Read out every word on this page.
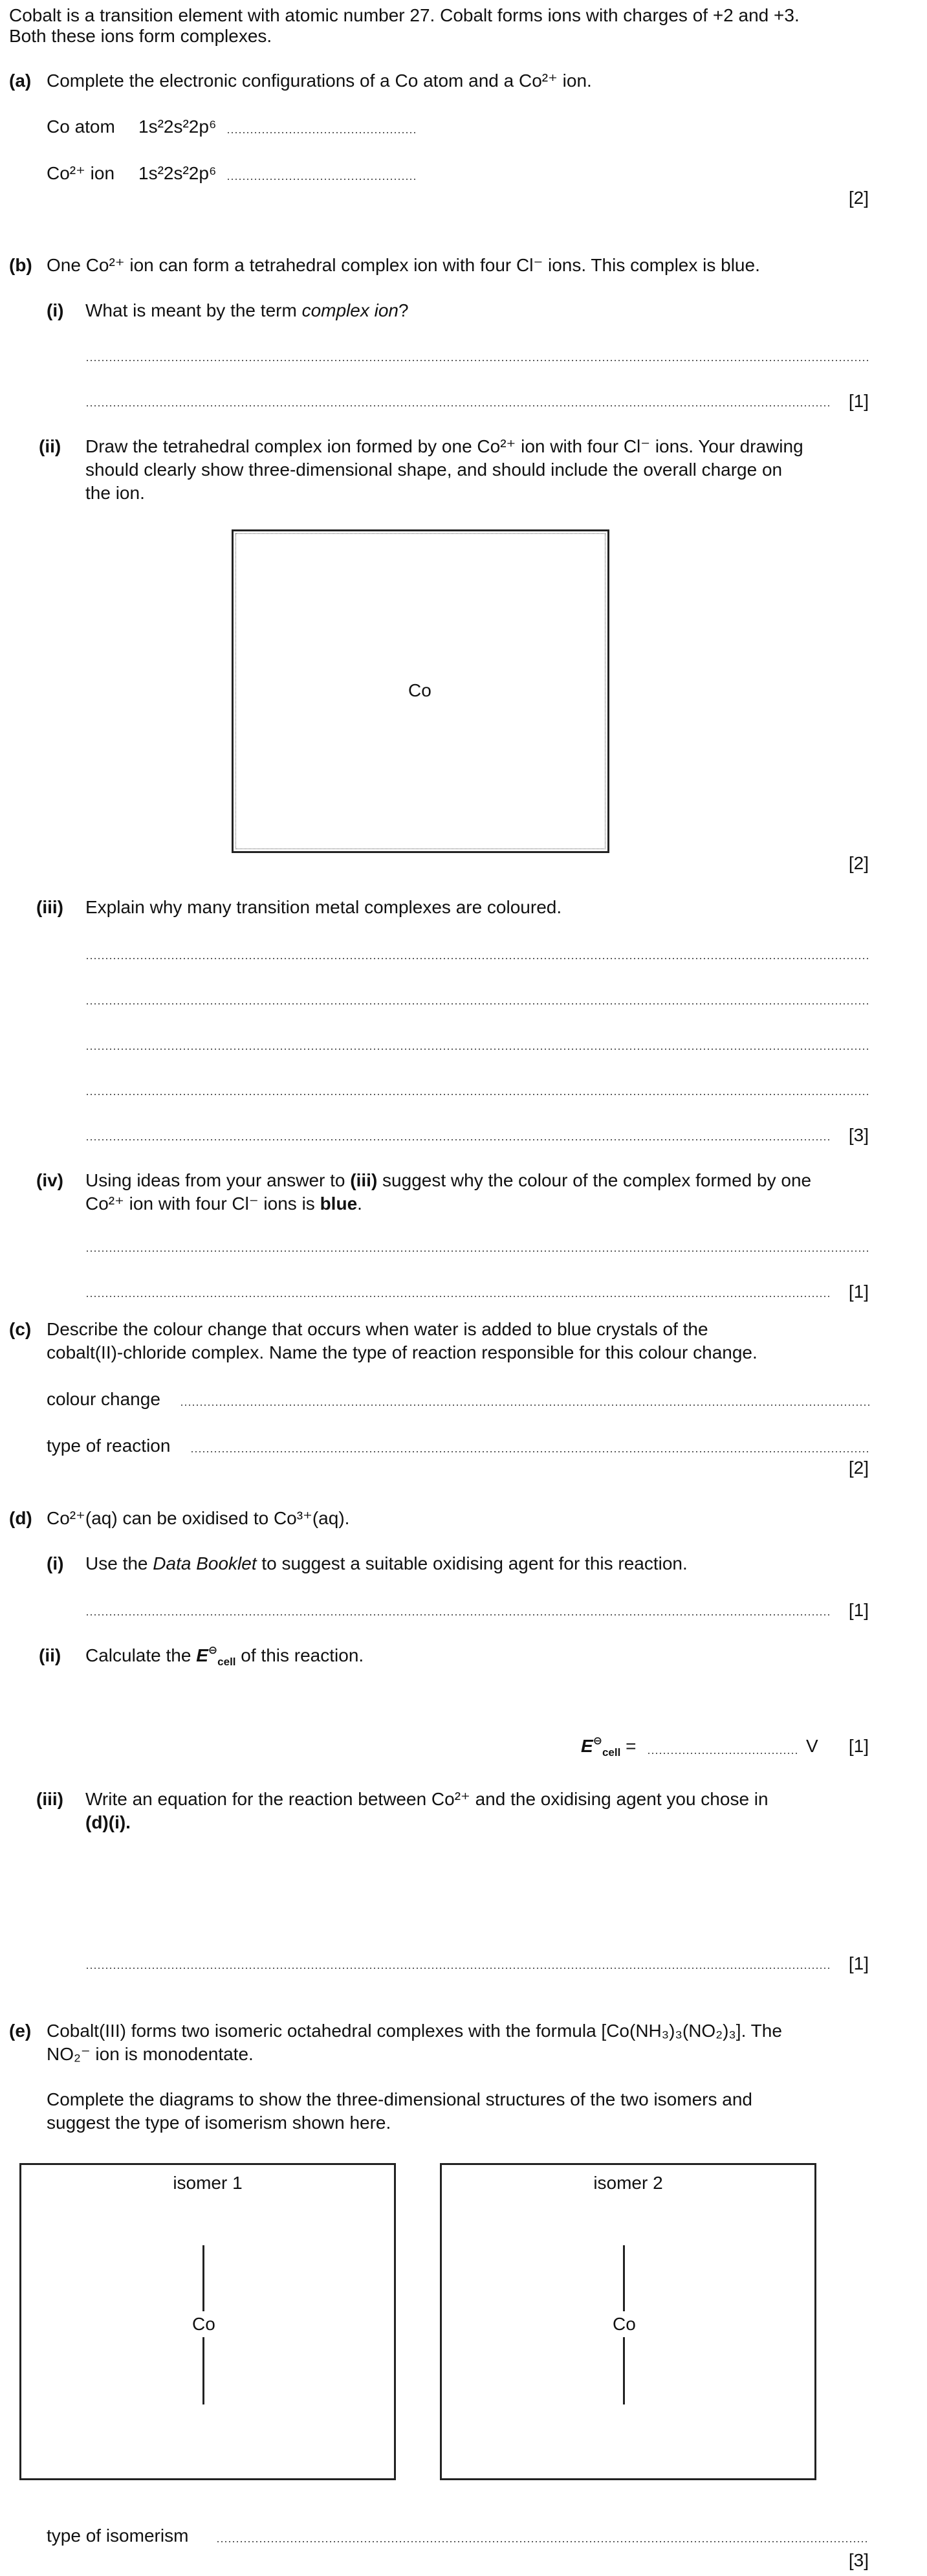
Cobalt is a transition element with atomic number 27. Cobalt forms ions with charges of +2 and +3.
Both these ions form complexes.
(a) Complete the electronic configurations of a Co atom and a Co²⁺ ion.
Co atom 1s²2s²2p⁶
Co²⁺ ion 1s²2s²2p⁶
[2]
(b) One Co²⁺ ion can form a tetrahedral complex ion with four Cl⁻ ions. This complex is blue.
(i) What is meant by the term complex ion?
[1]
(ii) Draw the tetrahedral complex ion formed by one Co²⁺ ion with four Cl⁻ ions. Your drawing
should clearly show three-dimensional shape, and should include the overall charge on
the ion.
Co
[2]
(iii) Explain why many transition metal complexes are coloured.
[3]
(iv) Using ideas from your answer to (iii) suggest why the colour of the complex formed by one
Co²⁺ ion with four Cl⁻ ions is blue.
[1]
(c) Describe the colour change that occurs when water is added to blue crystals of the
cobalt(II)-chloride complex. Name the type of reaction responsible for this colour change.
colour change
type of reaction
[2]
(d) Co²⁺(aq) can be oxidised to Co³⁺(aq).
(i) Use the Data Booklet to suggest a suitable oxidising agent for this reaction.
[1]
(ii) Calculate the $E^⊖_{cell}$ of this reaction.
$E^⊖_{cell}$ =	V [1]
(iii) Write an equation for the reaction between Co²⁺ and the oxidising agent you chose in
(d)(i).
[1]
(e) Cobalt(III) forms two isomeric octahedral complexes with the formula [Co(NH₃)₃(NO₂)₃]. The
NO₂⁻ ion is monodentate.
Complete the diagrams to show the three-dimensional structures of the two isomers and
suggest the type of isomerism shown here.
isomer 1
Co
isomer 2
Co
type of isomerism
[3]
